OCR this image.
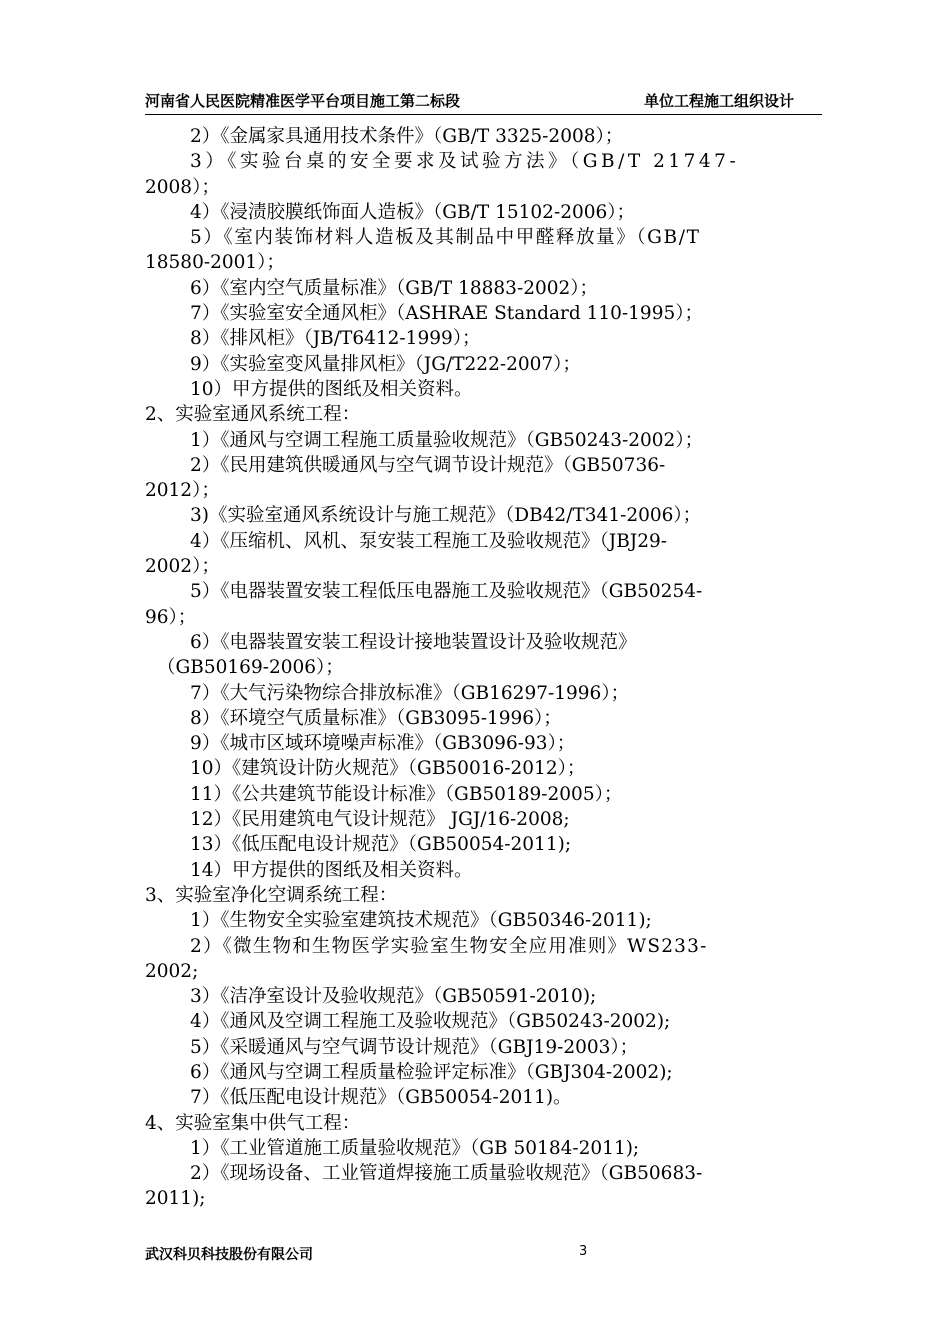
河南省人民医院精准医学平台项目施工第二标段	单位工程施工组织设计
2）《金属家具通用技术条件》（GB/T 3325-2008）；
3）《实验台桌的安全要求及试验方法》（GB/T 21747-
2008）；
4）《浸渍胶膜纸饰面人造板》（GB/T 15102-2006）；
5）《室内装饰材料人造板及其制品中甲醛释放量》（GB/T
18580-2001）；
6）《室内空气质量标准》（GB/T 18883-2002）；
7）《实验室安全通风柜》（ASHRAE Standard 110-1995）；
8）《排风柜》（JB/T6412-1999）；
9）《实验室变风量排风柜》（JG/T222-2007）；
10）甲方提供的图纸及相关资料。
2、实验室通风系统工程：
1）《通风与空调工程施工质量验收规范》（GB50243-2002）；
2）《民用建筑供暖通风与空气调节设计规范》（GB50736-
2012）；
3)《实验室通风系统设计与施工规范》（DB42/T341-2006）；
4）《压缩机、风机、泵安装工程施工及验收规范》（JBJ29-
2002）；
5）《电器装置安装工程低压电器施工及验收规范》（GB50254-
96）；
6）《电器装置安装工程设计接地装置设计及验收规范》
（GB50169-2006）；
7）《大气污染物综合排放标准》（GB16297-1996）；
8）《环境空气质量标准》（GB3095-1996）；
9）《城市区域环境噪声标准》（GB3096-93）；
10）《建筑设计防火规范》（GB50016-2012）；
11）《公共建筑节能设计标准》（GB50189-2005）；
12）《民用建筑电气设计规范》 JGJ/16-2008;
13）《低压配电设计规范》（GB50054-2011);
14）甲方提供的图纸及相关资料。
3、实验室净化空调系统工程：
1）《生物安全实验室建筑技术规范》（GB50346-2011);
2）《微生物和生物医学实验室生物安全应用准则》WS233-
2002;
3）《洁净室设计及验收规范》（GB50591-2010);
4）《通风及空调工程施工及验收规范》（GB50243-2002);
5）《采暖通风与空气调节设计规范》（GBJ19-2003）；
6）《通风与空调工程质量检验评定标准》（GBJ304-2002);
7）《低压配电设计规范》（GB50054-2011)。
4、实验室集中供气工程：
1）《工业管道施工质量验收规范》（GB 50184-2011);
2）《现场设备、工业管道焊接施工质量验收规范》（GB50683-
2011);
武汉科贝科技股份有限公司	3
